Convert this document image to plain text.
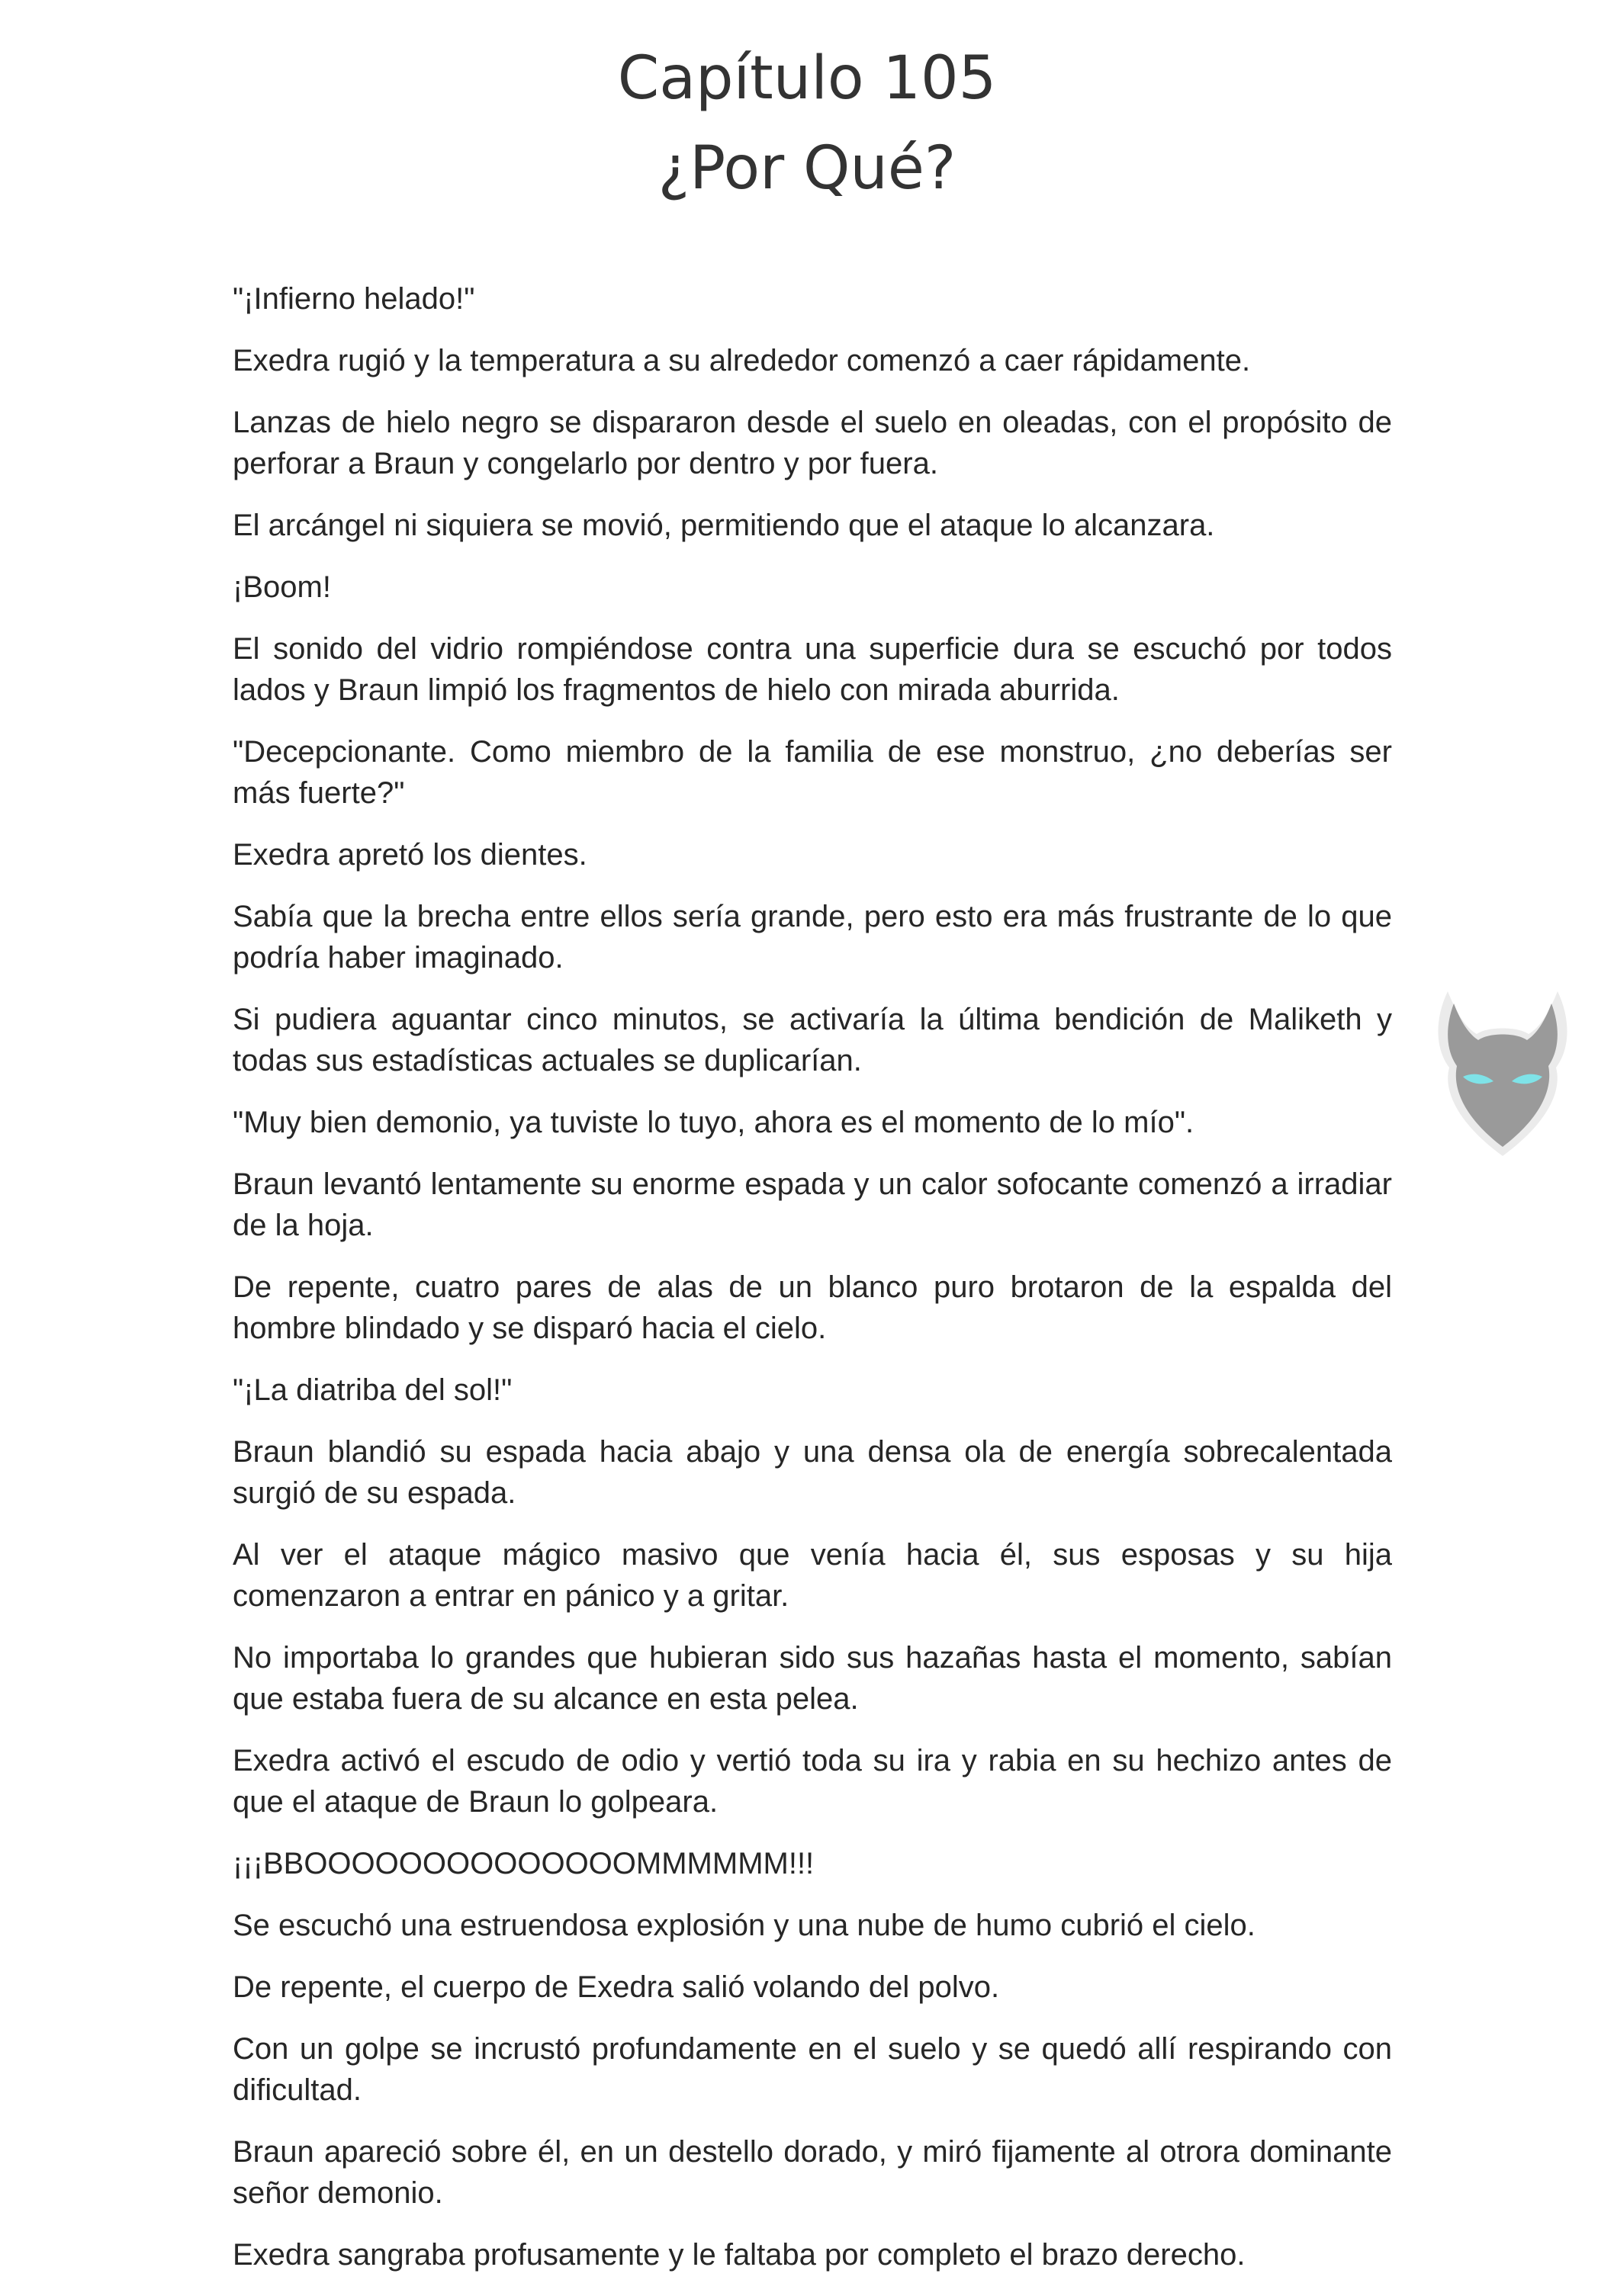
Capítulo 105
¿Por Qué?

"¡Infierno helado!"

Exedra rugió y la temperatura a su alrededor comenzó a caer rápidamente.

Lanzas de hielo negro se dispararon desde el suelo en oleadas, con el propósito de perforar a Braun y congelarlo por dentro y por fuera.

El arcángel ni siquiera se movió, permitiendo que el ataque lo alcanzara.

¡Boom!

El sonido del vidrio rompiéndose contra una superficie dura se escuchó por todos lados y Braun limpió los fragmentos de hielo con mirada aburrida.

"Decepcionante. Como miembro de la familia de ese monstruo, ¿no deberías ser más fuerte?"

Exedra apretó los dientes.

Sabía que la brecha entre ellos sería grande, pero esto era más frustrante de lo que podría haber imaginado.

Si pudiera aguantar cinco minutos, se activaría la última bendición de Maliketh y todas sus estadísticas actuales se duplicarían.

"Muy bien demonio, ya tuviste lo tuyo, ahora es el momento de lo mío".

Braun levantó lentamente su enorme espada y un calor sofocante comenzó a irradiar de la hoja.

De repente, cuatro pares de alas de un blanco puro brotaron de la espalda del hombre blindado y se disparó hacia el cielo.

"¡La diatriba del sol!"

Braun blandió su espada hacia abajo y una densa ola de energía sobrecalentada surgió de su espada.

Al ver el ataque mágico masivo que venía hacia él, sus esposas y su hija comenzaron a entrar en pánico y a gritar.

No importaba lo grandes que hubieran sido sus hazañas hasta el momento, sabían que estaba fuera de su alcance en esta pelea.

Exedra activó el escudo de odio y vertió toda su ira y rabia en su hechizo antes de que el ataque de Braun lo golpeara.

¡¡¡BBOOOOOOOOOOOOOOMMMMMM!!!

Se escuchó una estruendosa explosión y una nube de humo cubrió el cielo.

De repente, el cuerpo de Exedra salió volando del polvo.

Con un golpe se incrustó profundamente en el suelo y se quedó allí respirando con dificultad.

Braun apareció sobre él, en un destello dorado, y miró fijamente al otrora dominante señor demonio.

Exedra sangraba profusamente y le faltaba por completo el brazo derecho.
